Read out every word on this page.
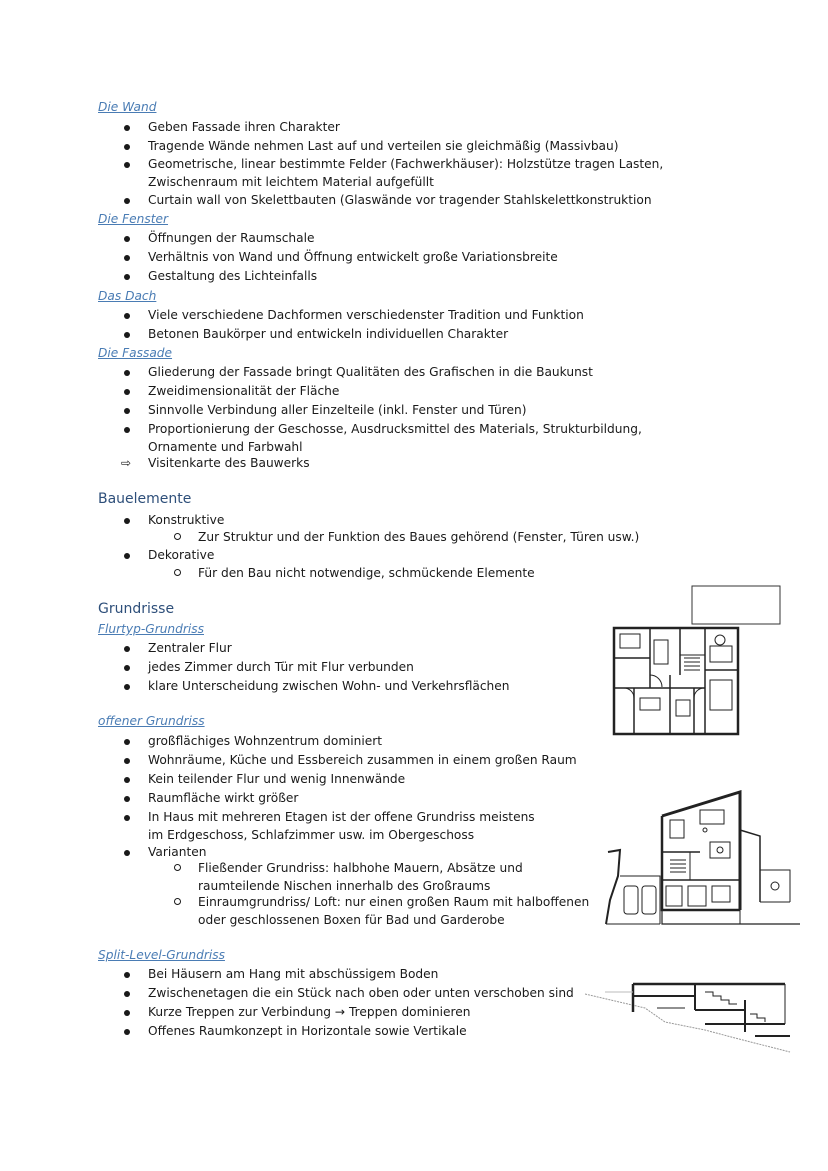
Die Wand
Geben Fassade ihren Charakter
Tragende Wände nehmen Last auf und verteilen sie gleichmäßig (Massivbau)
Geometrische, linear bestimmte Felder (Fachwerkhäuser): Holzstütze tragen Lasten, Zwischenraum mit leichtem Material aufgefüllt
Curtain wall von Skelettbauten (Glaswände vor tragender Stahlskelettkonstruktion
Die Fenster
Öffnungen der Raumschale
Verhältnis von Wand und Öffnung entwickelt große Variationsbreite
Gestaltung des Lichteinfalls
Das Dach
Viele verschiedene Dachformen verschiedenster Tradition und Funktion
Betonen Baukörper und entwickeln individuellen Charakter
Die Fassade
Gliederung der Fassade bringt Qualitäten des Grafischen in die Baukunst
Zweidimensionalität der Fläche
Sinnvolle Verbindung aller Einzelteile (inkl. Fenster und Türen)
Proportionierung der Geschosse, Ausdrucksmittel des Materials, Strukturbildung, Ornamente und Farbwahl
⇨ Visitenkarte des Bauwerks
Bauelemente
Konstruktive
Zur Struktur und der Funktion des Baues gehörend (Fenster, Türen usw.)
Dekorative
Für den Bau nicht notwendige, schmückende Elemente
Grundrisse
Flurtyp-Grundriss
Zentraler Flur
jedes Zimmer durch Tür mit Flur verbunden
klare Unterscheidung zwischen Wohn- und Verkehrsflächen
offener Grundriss
großflächiges Wohnzentrum dominiert
Wohnräume, Küche und Essbereich zusammen in einem großen Raum
Kein teilender Flur und wenig Innenwände
Raumfläche wirkt größer
In Haus mit mehreren Etagen ist der offene Grundriss meistens im Erdgeschoss, Schlafzimmer usw. im Obergeschoss
Varianten
Fließender Grundriss: halbhohe Mauern, Absätze und raumteilende Nischen innerhalb des Großraums
Einraumgrundriss/ Loft: nur einen großen Raum mit halboffenen oder geschlossenen Boxen für Bad und Garderobe
Split-Level-Grundriss
Bei Häusern am Hang mit abschüssigem Boden
Zwischenetagen die ein Stück nach oben oder unten verschoben sind
Kurze Treppen zur Verbindung → Treppen dominieren
Offenes Raumkonzept in Horizontale sowie Vertikale
